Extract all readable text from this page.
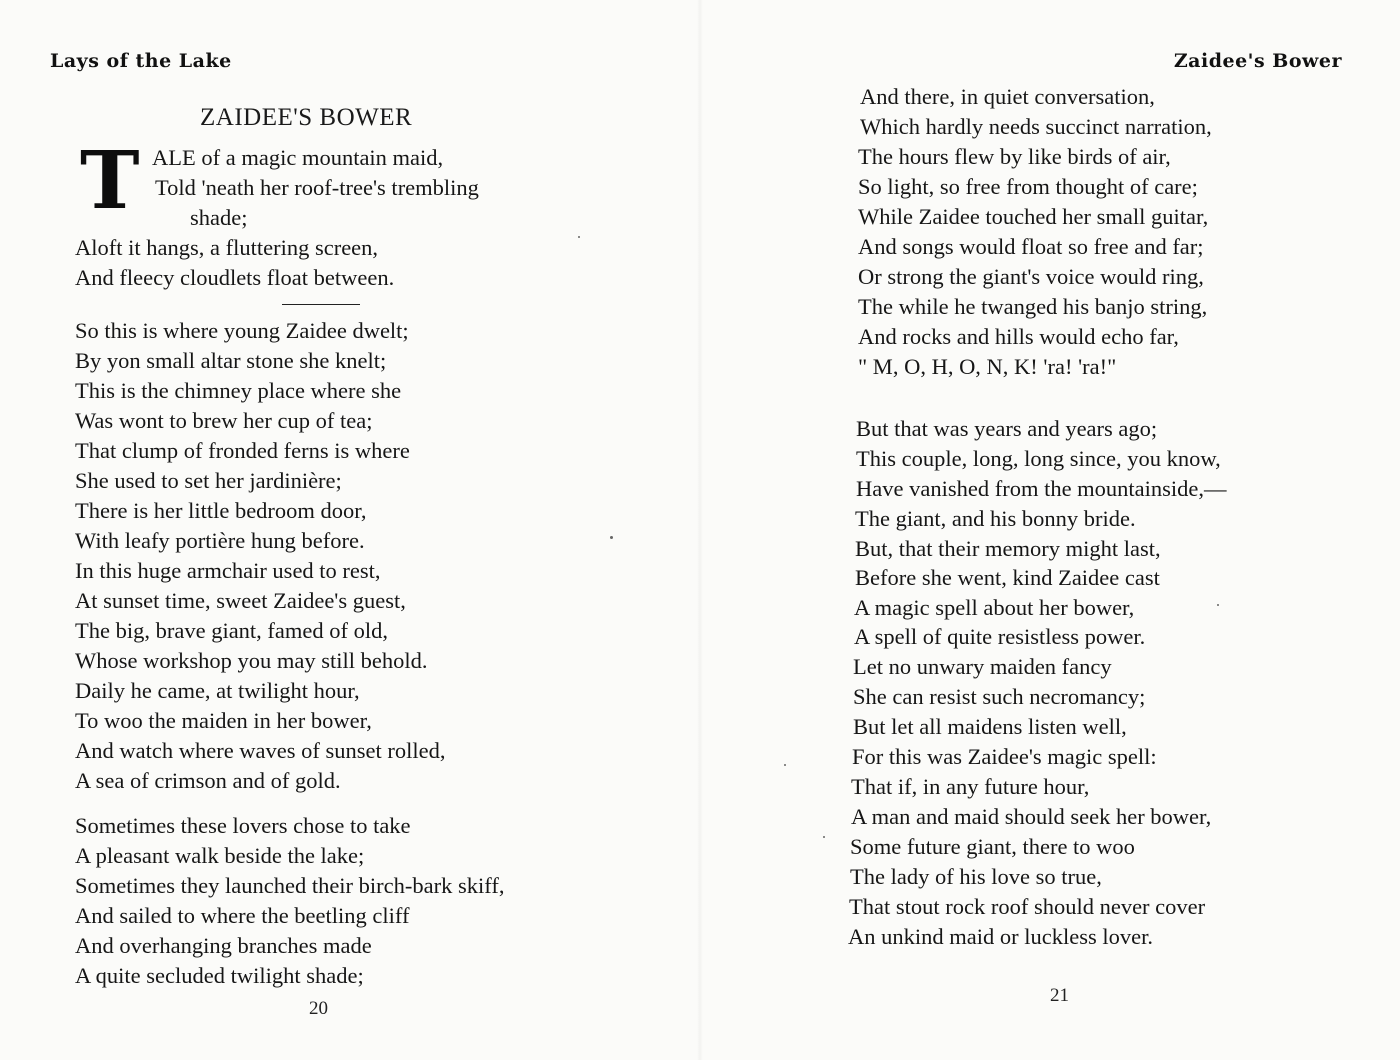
Lays of the Lake
ZAIDEE'S BOWER
T ALE of a magic mountain maid,
Told 'neath her roof-tree's trembling
shade;
Aloft it hangs, a fluttering screen,
And fleecy cloudlets float between.
So this is where young Zaidee dwelt;
By yon small altar stone she knelt;
This is the chimney place where she
Was wont to brew her cup of tea;
That clump of fronded ferns is where
She used to set her jardinière;
There is her little bedroom door,
With leafy portière hung before.
In this huge armchair used to rest,
At sunset time, sweet Zaidee's guest,
The big, brave giant, famed of old,
Whose workshop you may still behold.
Daily he came, at twilight hour,
To woo the maiden in her bower,
And watch where waves of sunset rolled,
A sea of crimson and of gold.
Sometimes these lovers chose to take
A pleasant walk beside the lake;
Sometimes they launched their birch-bark skiff,
And sailed to where the beetling cliff
And overhanging branches made
A quite secluded twilight shade;
20
Zaidee's Bower
And there, in quiet conversation,
Which hardly needs succinct narration,
The hours flew by like birds of air,
So light, so free from thought of care;
While Zaidee touched her small guitar,
And songs would float so free and far;
Or strong the giant's voice would ring,
The while he twanged his banjo string,
And rocks and hills would echo far,
" M, O, H, O, N, K! 'ra! 'ra!"
But that was years and years ago;
This couple, long, long since, you know,
Have vanished from the mountainside,—
The giant, and his bonny bride.
But, that their memory might last,
Before she went, kind Zaidee cast
A magic spell about her bower,
A spell of quite resistless power.
Let no unwary maiden fancy
She can resist such necromancy;
But let all maidens listen well,
For this was Zaidee's magic spell:
That if, in any future hour,
A man and maid should seek her bower,
Some future giant, there to woo
The lady of his love so true,
That stout rock roof should never cover
An unkind maid or luckless lover.
21
